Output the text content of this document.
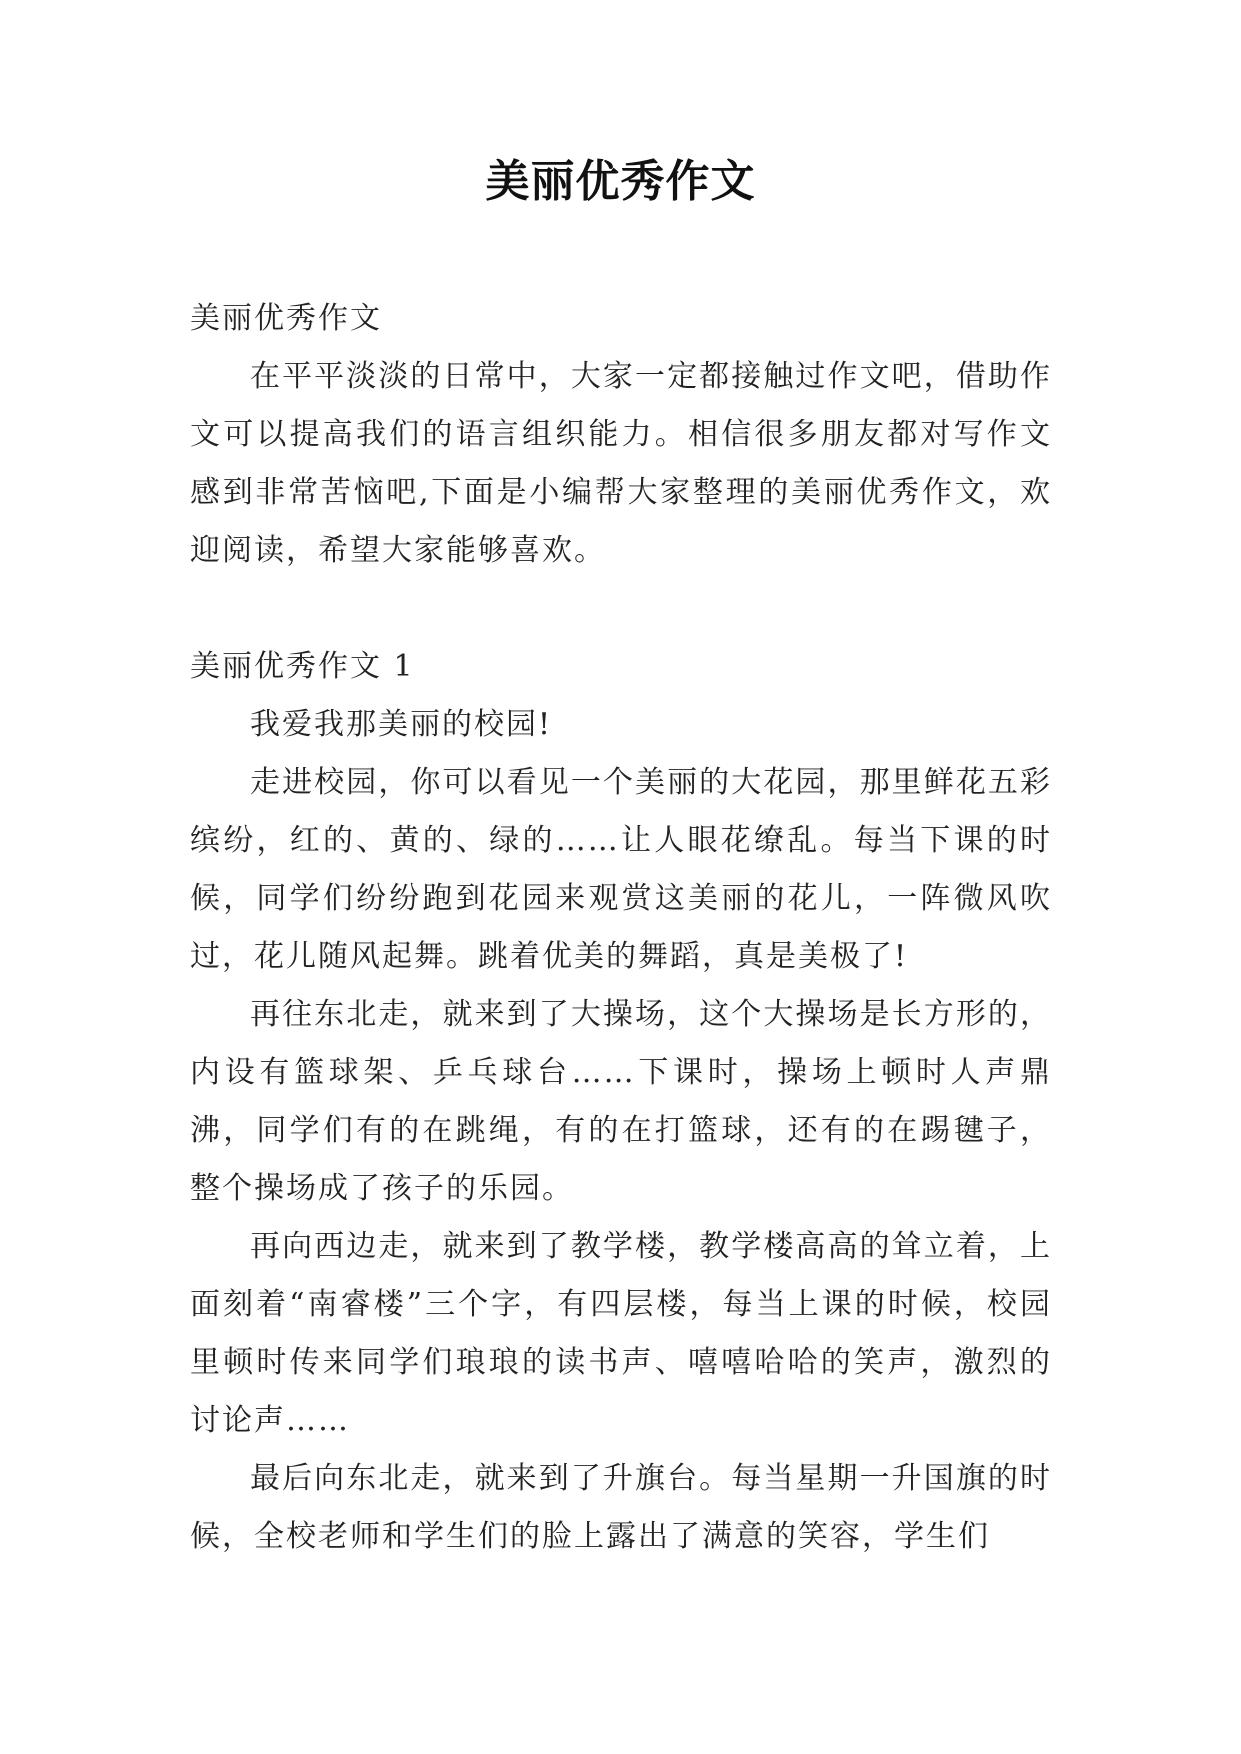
美丽优秀作文

美丽优秀作文

在平平淡淡的日常中，大家一定都接触过作文吧，借助作文可以提高我们的语言组织能力。相信很多朋友都对写作文感到非常苦恼吧,下面是小编帮大家整理的美丽优秀作文，欢迎阅读，希望大家能够喜欢。

美丽优秀作文 1

我爱我那美丽的校园!

走进校园，你可以看见一个美丽的大花园，那里鲜花五彩缤纷，红的、黄的、绿的……让人眼花缭乱。每当下课的时候，同学们纷纷跑到花园来观赏这美丽的花儿，一阵微风吹过，花儿随风起舞。跳着优美的舞蹈，真是美极了!

再往东北走，就来到了大操场，这个大操场是长方形的，内设有篮球架、乒乓球台……下课时，操场上顿时人声鼎沸，同学们有的在跳绳，有的在打篮球，还有的在踢毽子，整个操场成了孩子的乐园。

再向西边走，就来到了教学楼，教学楼高高的耸立着，上面刻着“南睿楼”三个字，有四层楼，每当上课的时候，校园里顿时传来同学们琅琅的读书声、嘻嘻哈哈的笑声，激烈的讨论声……

最后向东北走，就来到了升旗台。每当星期一升国旗的时候，全校老师和学生们的脸上露出了满意的笑容，学生们
